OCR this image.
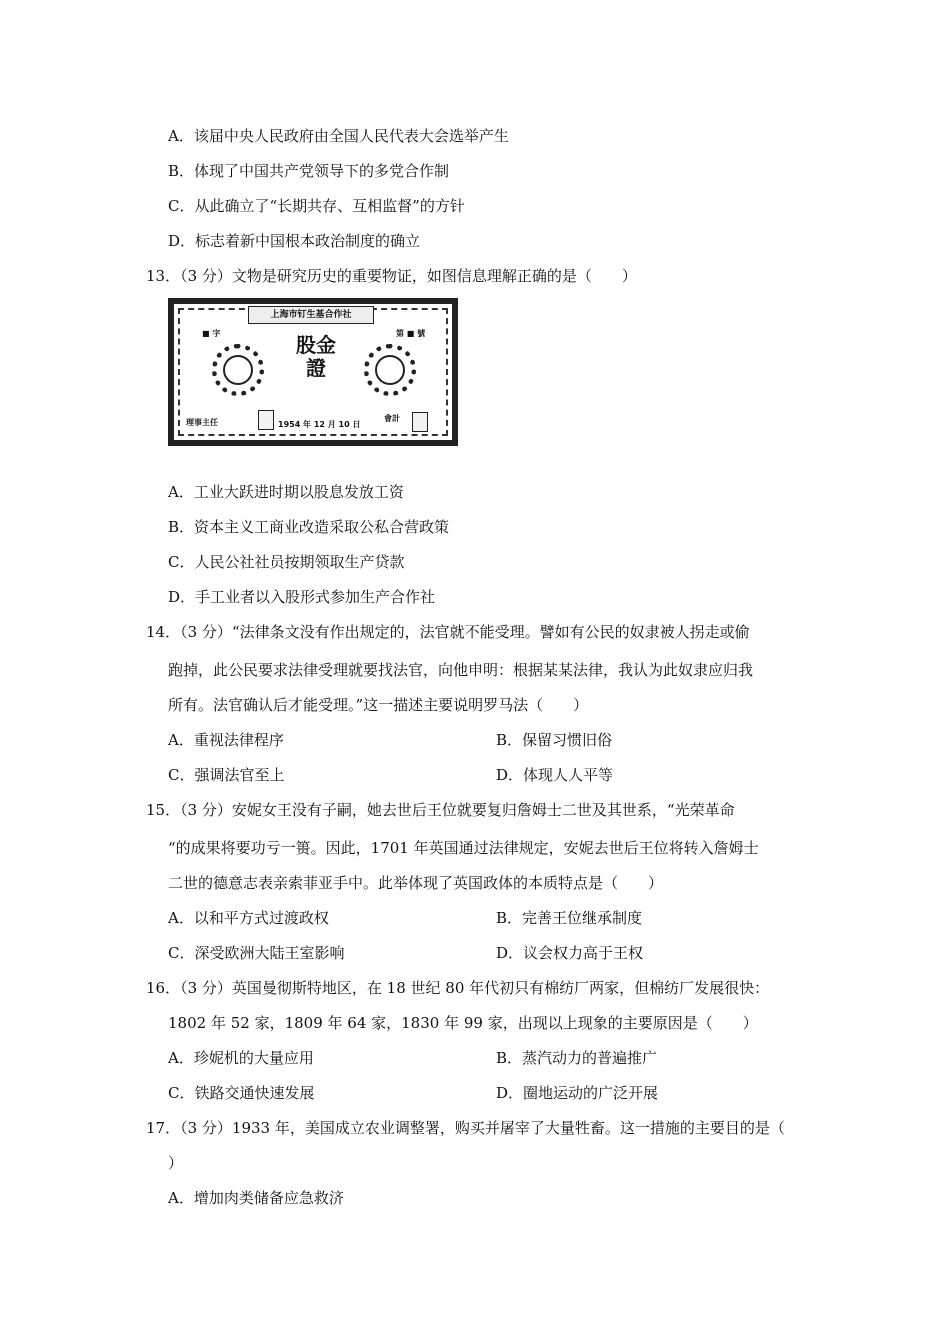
A．该届中央人民政府由全国人民代表大会选举产生
B．体现了中国共产党领导下的多党合作制
C．从此确立了“长期共存、互相监督”的方针
D．标志着新中国根本政治制度的确立
13．（3 分）文物是研究历史的重要物证，如图信息理解正确的是（　　）
上海市钉生基合作社
■ 字	第 ■ 號
股金證
理事主任	1954 年 12 月 10 日
會計
A．工业大跃进时期以股息发放工资
B．资本主义工商业改造采取公私合营政策
C．人民公社社员按期领取生产贷款
D．手工业者以入股形式参加生产合作社
14．（3 分）“法律条文没有作出规定的，法官就不能受理。譬如有公民的奴隶被人拐走或偷
跑掉，此公民要求法律受理就要找法官，向他申明：根据某某法律，我认为此奴隶应归我
所有。法官确认后才能受理。”这一描述主要说明罗马法（　　）
A．重视法律程序	B．保留习惯旧俗
C．强调法官至上	D．体现人人平等
15．（3 分）安妮女王没有子嗣，她去世后王位就要复归詹姆士二世及其世系，“光荣革命
“的成果将要功亏一篑。因此，1701 年英国通过法律规定，安妮去世后王位将转入詹姆士
二世的德意志表亲索菲亚手中。此举体现了英国政体的本质特点是（　　）
A．以和平方式过渡政权	B．完善王位继承制度
C．深受欧洲大陆王室影响	D．议会权力高于王权
16．（3 分）英国曼彻斯特地区，在 18 世纪 80 年代初只有棉纺厂两家，但棉纺厂发展很快：
1802 年 52 家，1809 年 64 家，1830 年 99 家，出现以上现象的主要原因是（　　）
A．珍妮机的大量应用	B．蒸汽动力的普遍推广
C．铁路交通快速发展	D．圈地运动的广泛开展
17．（3 分）1933 年，美国成立农业调整署，购买并屠宰了大量牲畜。这一措施的主要目的是（
）
A．增加肉类储备应急救济
